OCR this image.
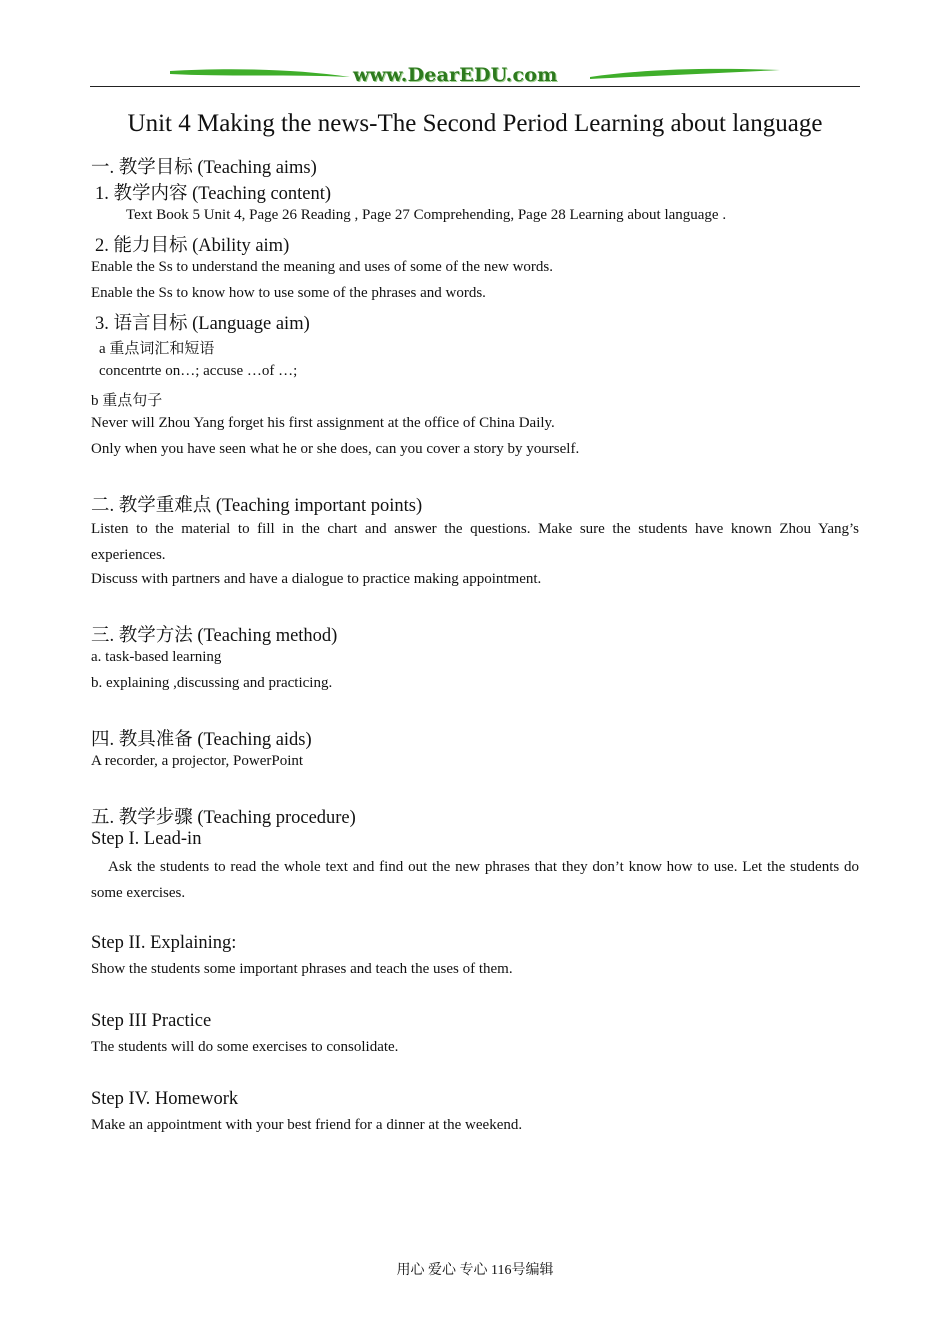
www.DearEDU.com
Unit 4 Making the news-The Second Period Learning about language
一. 教学目标 (Teaching aims)
1. 教学内容 (Teaching content)
Text Book 5 Unit 4, Page 26 Reading , Page 27 Comprehending, Page 28 Learning about language .
2. 能力目标 (Ability aim)
Enable the Ss to understand the meaning and uses of some of the new words.
Enable the Ss to know how to use some of the phrases and words.
3. 语言目标 (Language aim)
a 重点词汇和短语
concentrte on…; accuse …of …;
b 重点句子
Never will Zhou Yang forget his first assignment at the office of China Daily.
Only when you have seen what he or she does, can you cover a story by yourself.
二. 教学重难点 (Teaching important points)
Listen to the material to fill in the chart and answer the questions. Make sure the students have known Zhou Yang’s experiences.
Discuss with partners and have a dialogue to practice making appointment.
三. 教学方法 (Teaching method)
a. task-based learning
b. explaining ,discussing and practicing.
四. 教具准备 (Teaching aids)
A recorder, a projector, PowerPoint
五. 教学步骤 (Teaching procedure)
Step I. Lead-in
Ask the students to read the whole text and find out the new phrases that they don’t know how to use. Let the students do some exercises.
Step II. Explaining:
Show the students some important phrases and teach the uses of them.
Step III Practice
The students will do some exercises to consolidate.
Step IV. Homework
Make an appointment with your best friend for a dinner at the weekend.
用心 爱心 专心 116号编辑
